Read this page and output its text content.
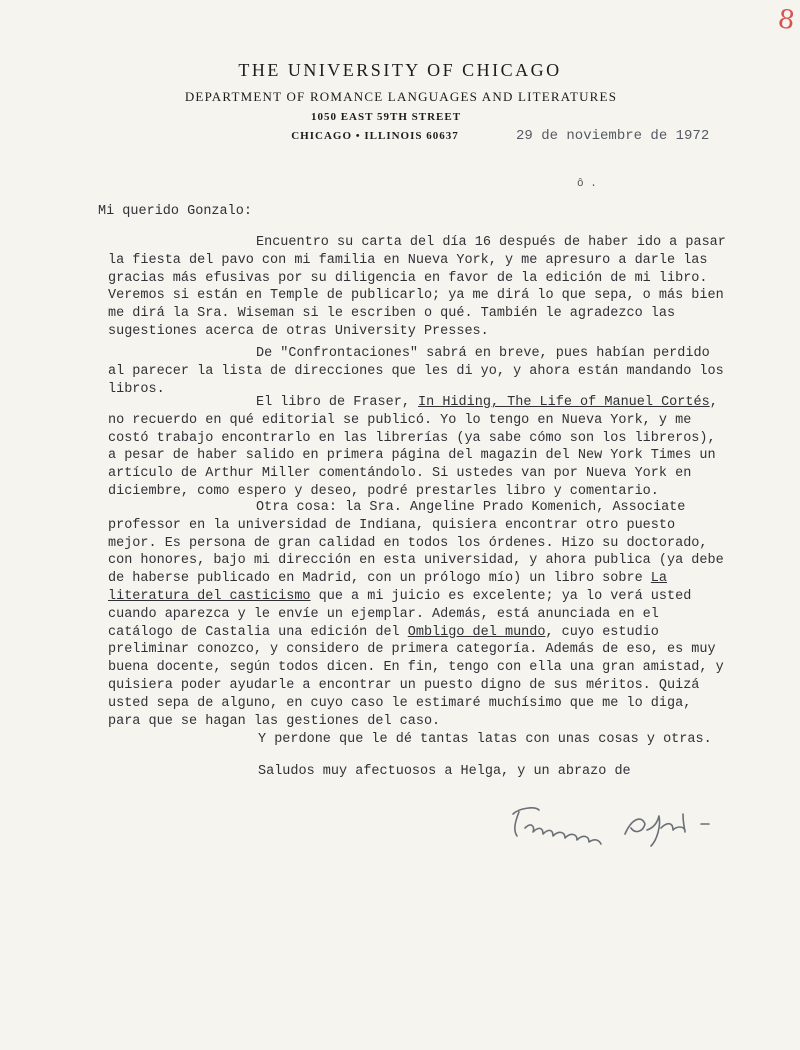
8
THE UNIVERSITY OF CHICAGO
DEPARTMENT OF ROMANCE LANGUAGES AND LITERATURES
1050 EAST 59TH STREET
CHICAGO • ILLINOIS 60637	29 de noviembre de 1972
ô .
Mi querido Gonzalo:

Encuentro su carta del día 16 después de haber ido a pasar la fiesta del pavo con mi familia en Nueva York, y me apresuro a darle las gracias más efusivas por su diligencia en favor de la edición de mi libro. Veremos si están en Temple de publicarlo; ya me dirá lo que sepa, o más bien me dirá la Sra. Wiseman si le escriben o qué. También le agradezco las sugestiones acerca de otras University Presses.

De "Confrontaciones" sabrá en breve, pues habían perdido al parecer la lista de direcciones que les di yo, y ahora están mandando los libros.

El libro de Fraser, In Hiding, The Life of Manuel Cortés, no recuerdo en qué editorial se publicó. Yo lo tengo en Nueva York, y me costó trabajo encontrarlo en las librerías (ya sabe cómo son los libreros), a pesar de haber salido en primera página del magazin del New York Times un artículo de Arthur Miller comentándolo. Si ustedes van por Nueva York en diciembre, como espero y deseo, podré prestarles libro y comentario.

Otra cosa: la Sra. Angeline Prado Komenich, Associate professor en la universidad de Indiana, quisiera encontrar otro puesto mejor. Es persona de gran calidad en todos los órdenes. Hizo su doctorado, con honores, bajo mi dirección en esta universidad, y ahora publica (ya debe de haberse publicado en Madrid, con un prólogo mío) un libro sobre La literatura del casticismo que a mi juicio es excelente; ya lo verá usted cuando aparezca y le envíe un ejemplar. Además, está anunciada en el catálogo de Castalia una edición del Ombligo del mundo, cuyo estudio preliminar conozco, y considero de primera categoría. Además de eso, es muy buena docente, según todos dicen. En fin, tengo con ella una gran amistad, y quisiera poder ayudarle a encontrar un puesto digno de sus méritos. Quizá usted sepa de alguno, en cuyo caso le estimaré muchísimo que me lo diga, para que se hagan las gestiones del caso.

Y perdone que le dé tantas latas con unas cosas y otras.

Saludos muy afectuosos a Helga, y un abrazo de
